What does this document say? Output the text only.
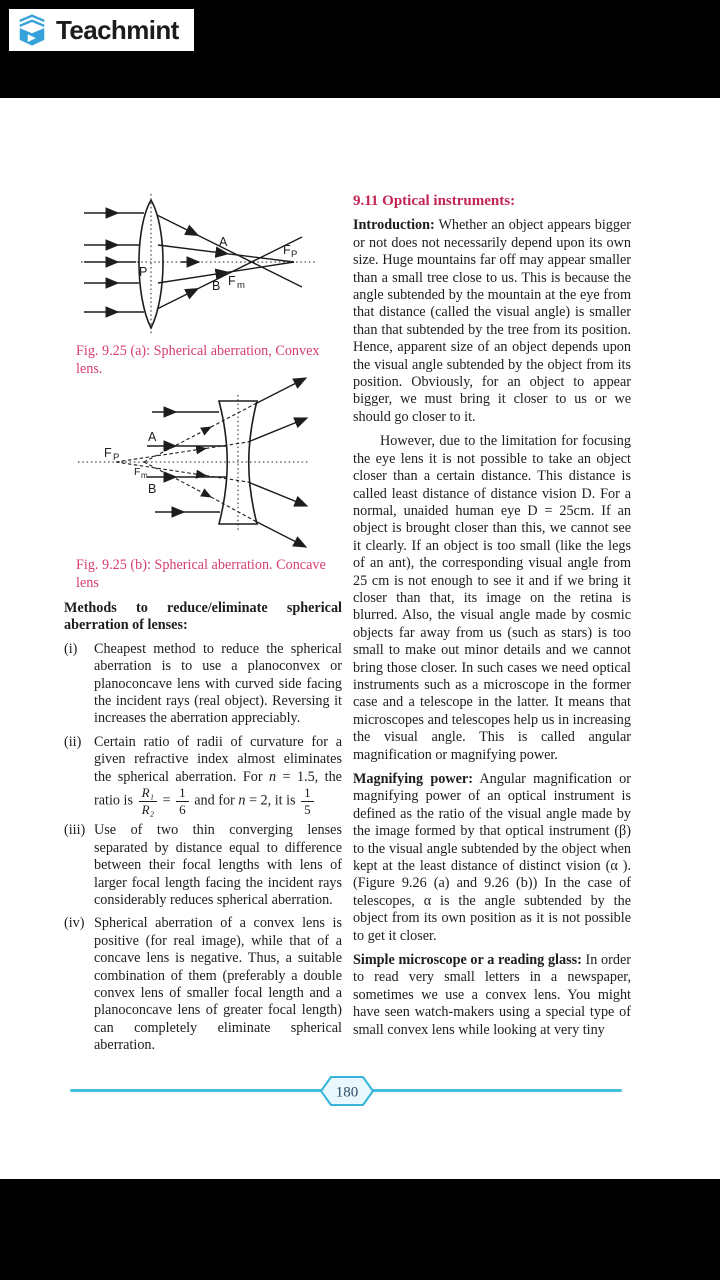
Teachmint
A
B
P
F m
F P
Fig. 9.25 (a): Spherical aberration, Convex lens.
A
B
F P
F m
Fig. 9.25 (b): Spherical aberration. Concave lens
Methods to reduce/eliminate spherical aberration of lenses:
(i) Cheapest method to reduce the spherical aberration is to use a planoconvex or planoconcave lens with curved side facing the incident rays (real object). Reversing it increases the aberration appreciably.
(ii) Certain ratio of radii of curvature for a given refractive index almost eliminates the spherical aberration. For n = 1.5, the ratio is $\frac{\text{R₁}}{\text{R₂}} = \frac{1}{6}$ and for n = 2, it is $\frac{1}{5}$
(iii) Use of two thin converging lenses separated by distance equal to difference between their focal lengths with lens of larger focal length facing the incident rays considerably reduces spherical aberration.
(iv) Spherical aberration of a convex lens is positive (for real image), while that of a concave lens is negative. Thus, a suitable combination of them (preferably a double convex lens of smaller focal length and a planoconcave lens of greater focal length) can completely eliminate spherical aberration.
9.11 Optical instruments:
Introduction: Whether an object appears bigger or not does not necessarily depend upon its own size. Huge mountains far off may appear smaller than a small tree close to us. This is because the angle subtended by the mountain at the eye from that distance (called the visual angle) is smaller than that subtended by the tree from its position. Hence, apparent size of an object depends upon the visual angle subtended by the object from its position. Obviously, for an object to appear bigger, we must bring it closer to us or we should go closer to it.
However, due to the limitation for focusing the eye lens it is not possible to take an object closer than a certain distance. This distance is called least distance of distance vision D. For a normal, unaided human eye D = 25cm. If an object is brought closer than this, we cannot see it clearly. If an object is too small (like the legs of an ant), the corresponding visual angle from 25 cm is not enough to see it and if we bring it closer than that, its image on the retina is blurred. Also, the visual angle made by cosmic objects far away from us (such as stars) is too small to make out minor details and we cannot bring those closer. In such cases we need optical instruments such as a microscope in the former case and a telescope in the latter. It means that microscopes and telescopes help us in increasing the visual angle. This is called angular magnification or magnifying power.
Magnifying power: Angular magnification or magnifying power of an optical instrument is defined as the ratio of the visual angle made by the image formed by that optical instrument (β) to the visual angle subtended by the object when kept at the least distance of distinct vision (α ). (Figure 9.26 (a) and 9.26 (b)) In the case of telescopes, α is the angle subtended by the object from its own position as it is not possible to get it closer.
Simple microscope or a reading glass: In order to read very small letters in a newspaper, sometimes we use a convex lens. You might have seen watch-makers using a special type of small convex lens while looking at very tiny
180
